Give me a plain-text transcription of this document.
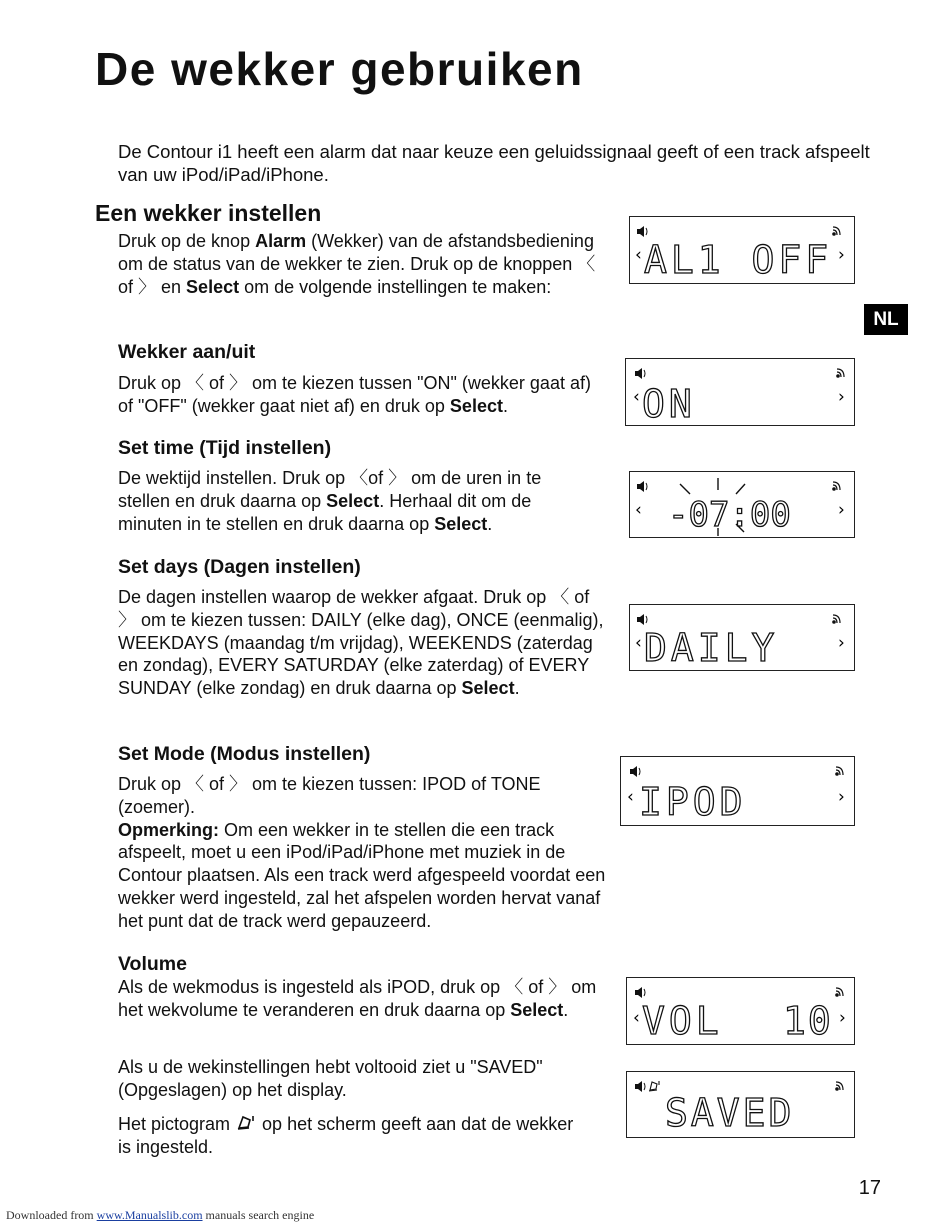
De wekker gebruiken
De Contour i1 heeft een alarm dat naar keuze een geluidssignaal geeft of een track afspeelt van uw iPod/iPad/iPhone.
NL
Een wekker instellen
Druk op de knop Alarm (Wekker) van de afstandsbediening om de status van de wekker te zien. Druk op de knoppen 〈 of 〉 en Select om de volgende instellingen te maken:
Wekker aan/uit
Druk op 〈 of 〉 om te kiezen tussen "ON" (wekker gaat af) of "OFF" (wekker gaat niet af) en druk op Select.
Set time (Tijd instellen)
De wektijd instellen. Druk op 〈of 〉 om de uren in te stellen en druk daarna op Select. Herhaal dit om de minuten in te stellen en druk daarna op Select.
Set days (Dagen instellen)
De dagen instellen waarop de wekker afgaat. Druk op 〈 of 〉 om te kiezen tussen: DAILY (elke dag), ONCE (eenmalig), WEEKDAYS (maandag t/m vrijdag), WEEKENDS (zaterdag en zondag), EVERY SATURDAY (elke zaterdag) of EVERY SUNDAY (elke zondag) en druk daarna op Select.
Set Mode (Modus instellen)
Druk op 〈 of 〉 om te kiezen tussen: IPOD of TONE (zoemer).
Opmerking: Om een wekker in te stellen die een track afspeelt, moet u een iPod/iPad/iPhone met muziek in de Contour plaatsen. Als een track werd afgespeeld voordat een wekker werd ingesteld, zal het afspelen worden hervat vanaf het punt dat de track werd gepauzeerd.
Volume
Als de wekmodus is ingesteld als iPOD, druk op 〈 of 〉 om het wekvolume te veranderen en druk daarna op Select.
Als u de wekinstellingen hebt voltooid ziet u "SAVED" (Opgeslagen) op het display.
Het pictogram  op het scherm geeft aan dat de wekker is ingesteld.
‹	›
AL1 OFF
‹	›
ON
‹	›
-07:00
‹	›
DAILY
‹	›
IPOD
‹	›
VOL 10
SAVED
17
Downloaded from www.Manualslib.com manuals search engine
